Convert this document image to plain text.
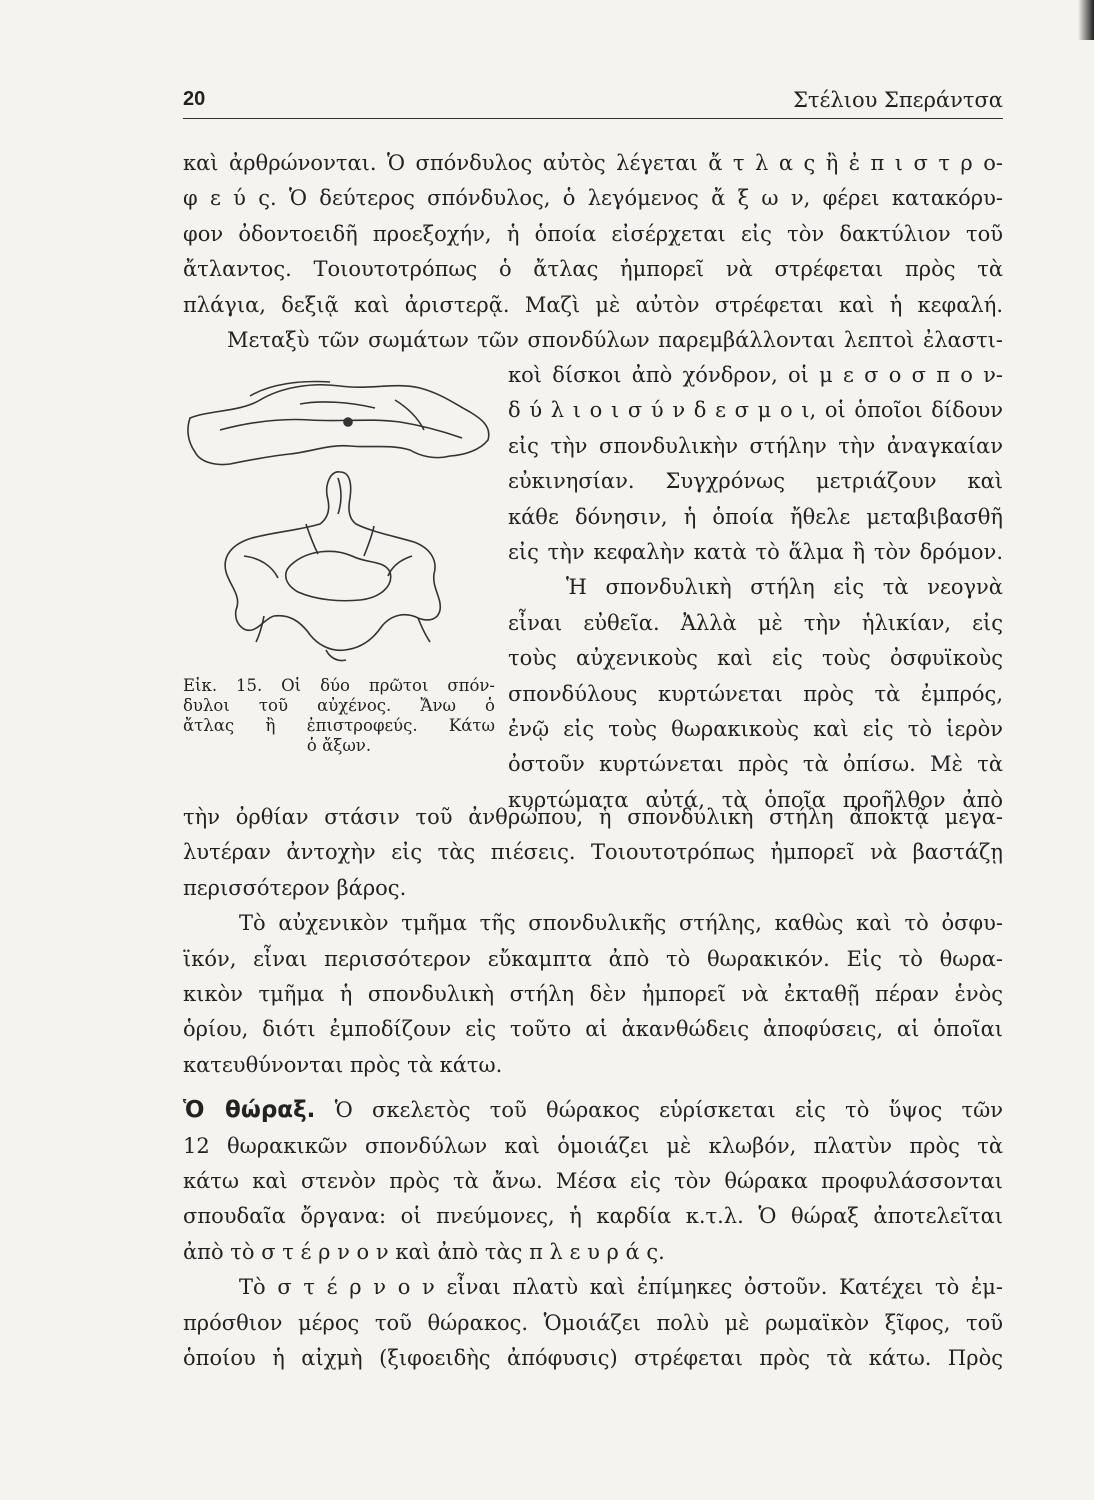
20	Στέλιου Σπεράντσα
καὶ ἀρθρώνονται. Ὁ σπόνδυλος αὐτὸς λέγεται ἄ τ λ α ς ἢ ἐ π ι σ τ ρ ο-
φ ε ύ ς. Ὁ δεύτερος σπόνδυλος, ὁ λεγόμενος ἄ ξ ω ν, φέρει κατακόρυ-
φον ὀδοντοειδῆ προεξοχήν, ἡ ὁποία εἰσέρχεται εἰς τὸν δακτύλιον τοῦ
ἄτλαντος. Τοιουτοτρόπως ὁ ἄτλας ἠμπορεῖ νὰ στρέφεται πρὸς τὰ
πλάγια, δεξιᾷ καὶ ἀριστερᾷ. Μαζὶ μὲ αὐτὸν στρέφεται καὶ ἡ κεφαλή.
Μεταξὺ τῶν σωμάτων τῶν σπονδύλων παρεμβάλλονται λεπτοὶ ἐλαστι-
Εἰκ. 15. Οἱ δύο πρῶτοι σπόν-
δυλοι τοῦ αὐχένος. Ἄνω ὁ
ἄτλας ἢ ἐπιστροφεύς. Κάτω
ὁ ἄξων.
κοὶ δίσκοι ἀπὸ χόνδρον, οἱ μ ε σ ο σ π ο ν-
δ ύ λ ι ο ι σ ύ ν δ ε σ μ ο ι, οἱ ὁποῖοι δίδουν
εἰς τὴν σπονδυλικὴν στήλην τὴν ἀναγκαίαν
εὐκινησίαν. Συγχρόνως μετριάζουν καὶ
κάθε δόνησιν, ἡ ὁποία ἤθελε μεταβιβασθῆ
εἰς τὴν κεφαλὴν κατὰ τὸ ἅλμα ἢ τὸν δρόμον.
Ἡ σπονδυλικὴ στήλη εἰς τὰ νεογνὰ
εἶναι εὐθεῖα. Ἀλλὰ μὲ τὴν ἡλικίαν, εἰς
τοὺς αὐχενικοὺς καὶ εἰς τοὺς ὀσφυϊκοὺς
σπονδύλους κυρτώνεται πρὸς τὰ ἐμπρός,
ἐνῷ εἰς τοὺς θωρακικοὺς καὶ εἰς τὸ ἱερὸν
ὀστοῦν κυρτώνεται πρὸς τὰ ὀπίσω. Μὲ τὰ
κυρτώματα αὐτά, τὰ ὁποῖα προῆλθον ἀπὸ
τὴν ὀρθίαν στάσιν τοῦ ἀνθρώπου, ἡ σπονδυλικὴ στήλη ἀποκτᾷ μεγα-
λυτέραν ἀντοχὴν εἰς τὰς πιέσεις. Τοιουτοτρόπως ἠμπορεῖ νὰ βαστάζῃ
περισσότερον βάρος.
Τὸ αὐχενικὸν τμῆμα τῆς σπονδυλικῆς στήλης, καθὼς καὶ τὸ ὀσφυ-
ϊκόν, εἶναι περισσότερον εὔκαμπτα ἀπὸ τὸ θωρακικόν. Εἰς τὸ θωρα-
κικὸν τμῆμα ἡ σπονδυλικὴ στήλη δὲν ἠμπορεῖ νὰ ἐκταθῇ πέραν ἑνὸς
ὁρίου, διότι ἐμποδίζουν εἰς τοῦτο αἱ ἀκανθώδεις ἀποφύσεις, αἱ ὁποῖαι
κατευθύνονται πρὸς τὰ κάτω.
Ὁ θώραξ. Ὁ σκελετὸς τοῦ θώρακος εὑρίσκεται εἰς τὸ ὕψος τῶν
12 θωρακικῶν σπονδύλων καὶ ὁμοιάζει μὲ κλωβόν, πλατὺν πρὸς τὰ
κάτω καὶ στενὸν πρὸς τὰ ἄνω. Μέσα εἰς τὸν θώρακα προφυλάσσονται
σπουδαῖα ὄργανα: οἱ πνεύμονες, ἡ καρδία κ.τ.λ. Ὁ θώραξ ἀποτελεῖται
ἀπὸ τὸ σ τ έ ρ ν ο ν καὶ ἀπὸ τὰς π λ ε υ ρ ά ς.
Τὸ σ τ έ ρ ν ο ν εἶναι πλατὺ καὶ ἐπίμηκες ὀστοῦν. Κατέχει τὸ ἐμ-
πρόσθιον μέρος τοῦ θώρακος. Ὁμοιάζει πολὺ μὲ ρωμαϊκὸν ξῖφος, τοῦ
ὁποίου ἡ αἰχμὴ (ξιφοειδὴς ἀπόφυσις) στρέφεται πρὸς τὰ κάτω. Πρὸς
